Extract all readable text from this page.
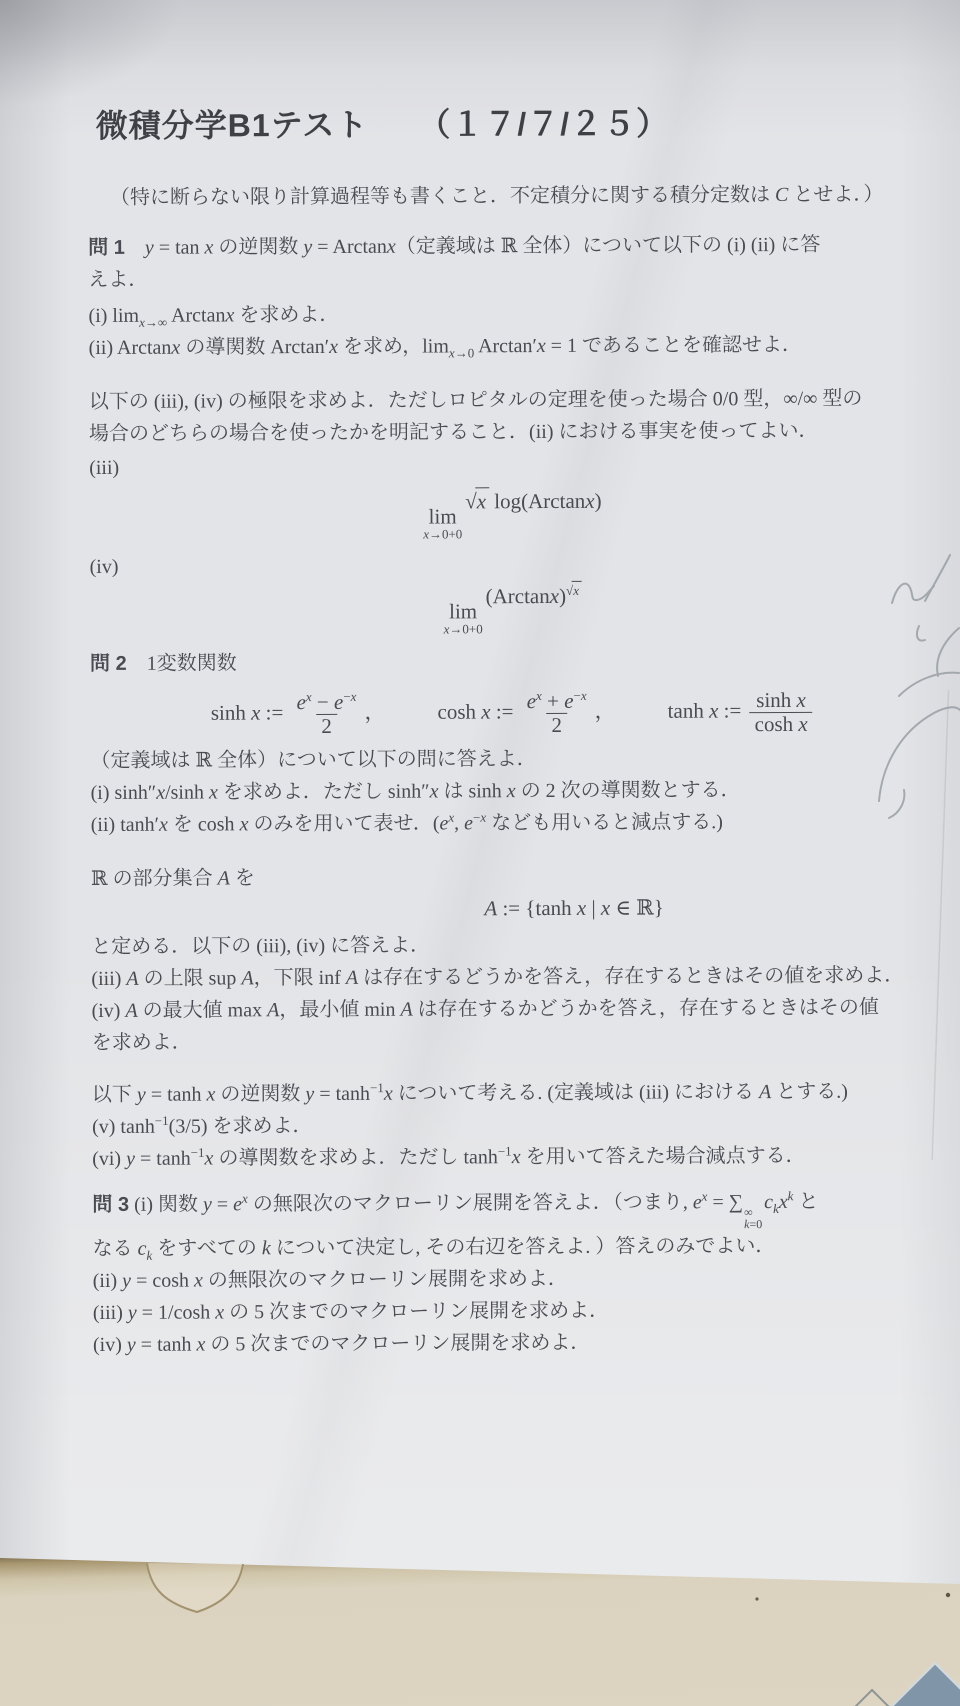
微積分学B1テスト　　（１７/７/２５）
（特に断らない限り計算過程等も書くこと．不定積分に関する積分定数は C とせよ．）
問 1　 y = tan x の逆関数 y = Arctanx（定義域は ℝ 全体）について以下の (i) (ii) に答
えよ．
(i) $\lim_{x\to\infty} Arctanx$ を求めよ．
(ii) Arctanx の導関数 Arctan′x を求め，$\lim_{x\to 0} Arctan'x = 1$ であることを確認せよ．
以下の (iii), (iv) の極限を求めよ．ただしロピタルの定理を使った場合 0/0 型，∞/∞ 型の
場合のどちらの場合を使ったかを明記すること．(ii) における事実を使ってよい．
(iii)
lim
x→0+0
√x log(Arctanx)
(iv)
lim
x→0+0
$(Arctanx)^{√x}$
問 2　1変数関数
sinh x := $\frac{e^x - e^{-x}}{2}$ ， cosh x := $\frac{e^x + e^{-x}}{2}$ ， tanh x := $\frac{\text{sinh x}}{\text{cosh x}}$
（定義域は ℝ 全体）について以下の問に答えよ．
(i) sinh″x/sinh x を求めよ．ただし sinh″x は sinh x の 2 次の導関数とする．
(ii) tanh′x を cosh x のみを用いて表せ．($e^x$, $e^{-x}$ なども用いると減点する.)
ℝ の部分集合 A を
A := {tanh x | x ∈ ℝ}
と定める．以下の (iii), (iv) に答えよ．
(iii) A の上限 sup A，下限 inf A は存在するどうかを答え，存在するときはその値を求めよ．
(iv) A の最大値 max A，最小値 min A は存在するかどうかを答え，存在するときはその値
を求めよ．
以下 y = tanh x の逆関数 $y = \tanh^{-1}x$ について考える. (定義域は (iii) における A とする.)
(v) $\tanh^{-1}(3/5)$ を求めよ．
(vi) $y = \tanh^{-1}x$ の導関数を求めよ．ただし $\tanh^{-1}x$ を用いて答えた場合減点する．
問 3 (i) 関数 $y = e^x$ の無限次のマクローリン展開を答えよ．（つまり, $e^x$ = ∑ ∞
k=0
$c_kx^k$ と
なる $c_k$ をすべての k について決定し, その右辺を答えよ. ）答えのみでよい．
(ii) y = cosh x の無限次のマクローリン展開を求めよ．
(iii) y = 1/cosh x の 5 次までのマクローリン展開を求めよ．
(iv) y = tanh x の 5 次までのマクローリン展開を求めよ．
